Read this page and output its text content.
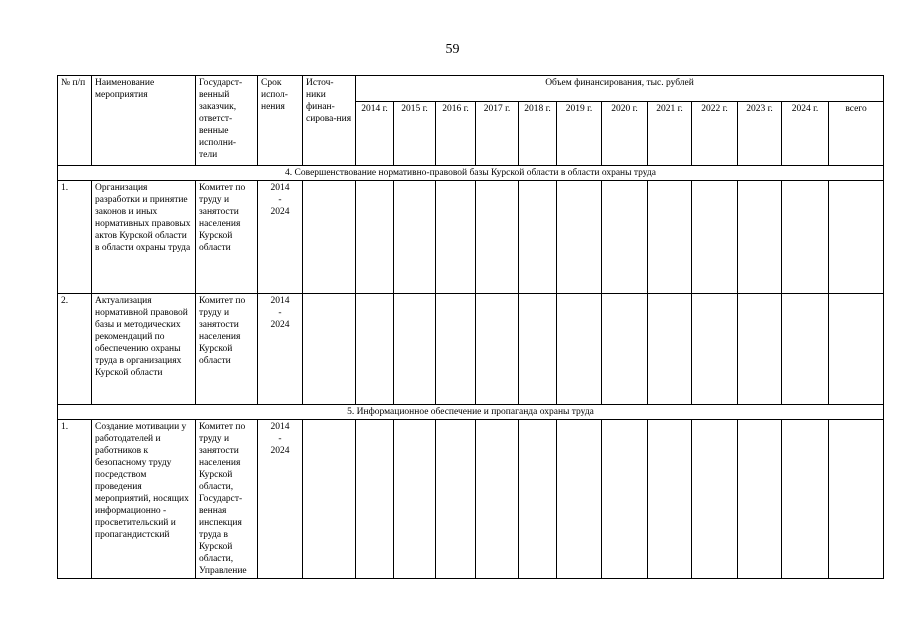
59
№ п/п	Наименование мероприятия	Государст-венный заказчик, ответст-венные исполни-тели	Срок испол-нения	Источ-ники финан-сирова-ния	Объем финансирования, тыс. рублей											
					2014 г.	2015 г.	2016 г.	2017 г.	2018 г.	2019 г.	2020 г.	2021 г.	2022 г.	2023 г.	2024 г.	всего
4. Совершенствование нормативно-правовой базы Курской области в области охраны труда																
1.	Организация разработки и принятие законов и иных нормативных правовых актов Курской области в области охраны труда	Комитет по труду и занятости населения Курской области	2014
-
2024													

2.	Актуализация нормативной правовой базы и методических рекомендаций по обеспечению охраны труда в организациях Курской области	Комитет по труду и занятости населения Курской области	2014
-
2024													

5. Информационное обеспечение и пропаганда охраны труда																
1.	Создание мотивации у работодателей и работников к безопасному труду посредством проведения мероприятий, носящих информационно - просветительский и пропагандистский	Комитет по труду и занятости населения Курской области, Государст-венная инспекция труда в Курской области, Управление	2014
-
2024													
